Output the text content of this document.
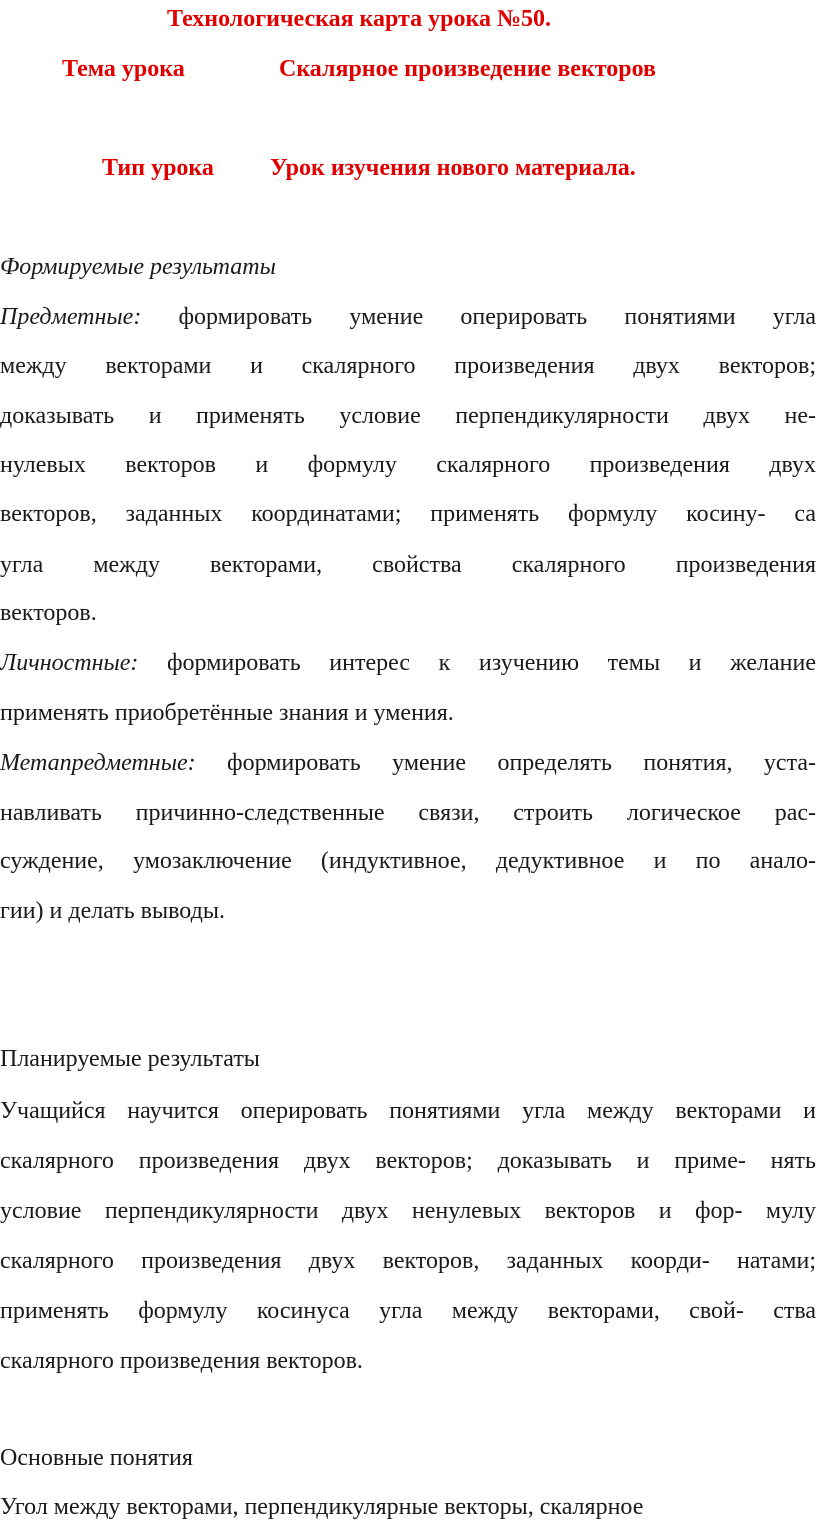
Технологическая карта урока №50.
Тема урока	Скалярное произведение векторов
Тип урока Урок изучения нового материала.
Формируемые результаты
Предметные: формировать умение оперировать понятиями угла
между векторами и скалярного произведения двух векторов;
доказывать и применять условие перпендикулярности двух не-
нулевых векторов и формулу скалярного произведения двух
векторов, заданных координатами; применять формулу косину- са
угла между векторами, свойства скалярного произведения
векторов.
Личностные: формировать интерес к изучению темы и желание
применять приобретённые знания и умения.
Метапредметные: формировать умение определять понятия, уста-
навливать причинно-следственные связи, строить логическое рас-
суждение, умозаключение (индуктивное, дедуктивное и по анало-
гии) и делать выводы.
Планируемые результаты
Учащийся научится оперировать понятиями угла между векторами и
скалярного произведения двух векторов; доказывать и приме- нять
условие перпендикулярности двух ненулевых векторов и фор- мулу
скалярного произведения двух векторов, заданных коорди- натами;
применять формулу косинуса угла между векторами, свой- ства
скалярного произведения векторов.
Основные понятия
Угол между векторами, перпендикулярные векторы, скалярное
